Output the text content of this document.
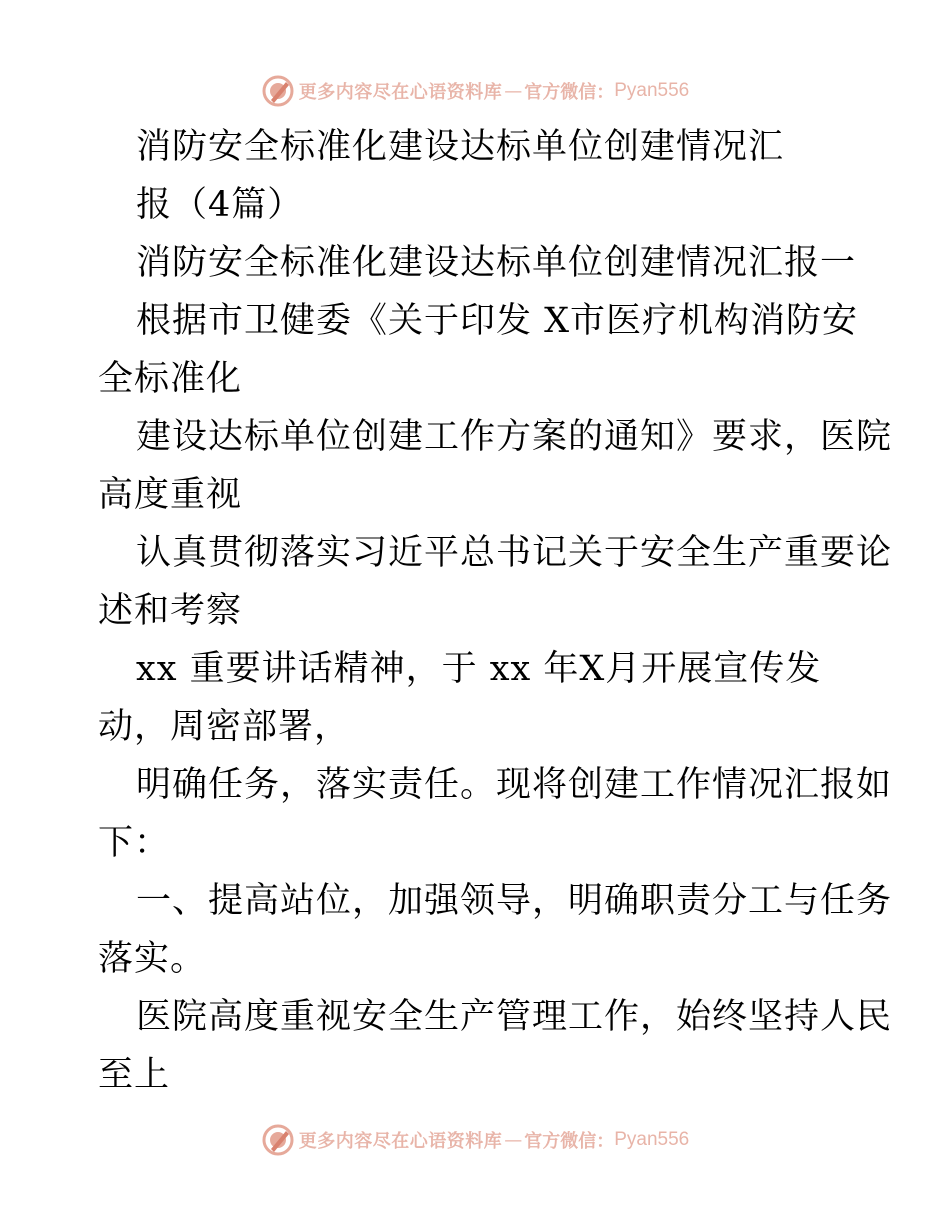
更多内容尽在心语资料库 — 官方微信： Pyan556
消防安全标准化建设达标单位创建情况汇
报（4篇）
消防安全标准化建设达标单位创建情况汇报一
根据市卫健委《关于印发 X市医疗机构消防安
全标准化
建设达标单位创建工作方案的通知》要求，医院
高度重视
认真贯彻落实习近平总书记关于安全生产重要论
述和考察
xx 重要讲话精神，于 xx 年X月开展宣传发
动，周密部署，
明确任务，落实责任。现将创建工作情况汇报如
下：
一、提高站位，加强领导，明确职责分工与任务
落实。
医院高度重视安全生产管理工作，始终坚持人民
至上
更多内容尽在心语资料库 — 官方微信： Pyan556
